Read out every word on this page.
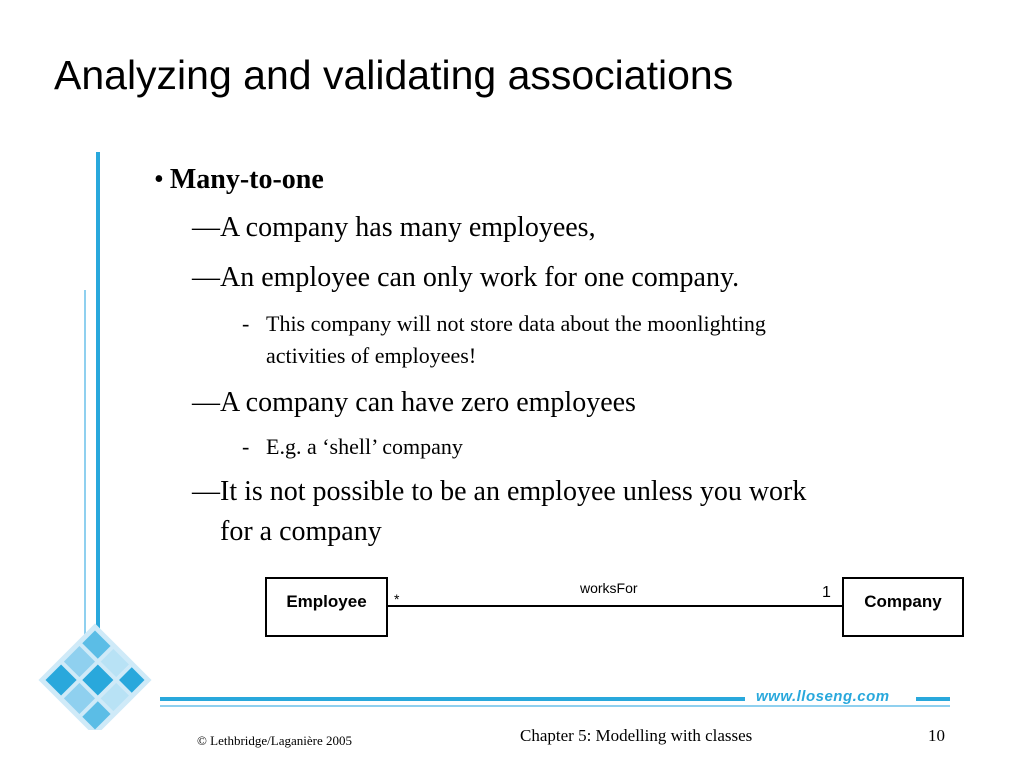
Analyzing and validating associations
• Many-to-one
—A company has many employees,
—An employee can only work for one company.
- This company will not store data about the moonlighting
activities of employees!
—A company can have zero employees
- E.g. a ‘shell’ company
—It is not possible to be an employee unless you work
for a company
Employee	Company
worksFor
*	1
www.lloseng.com
© Lethbridge/Laganière 2005	Chapter 5: Modelling with classes	10
